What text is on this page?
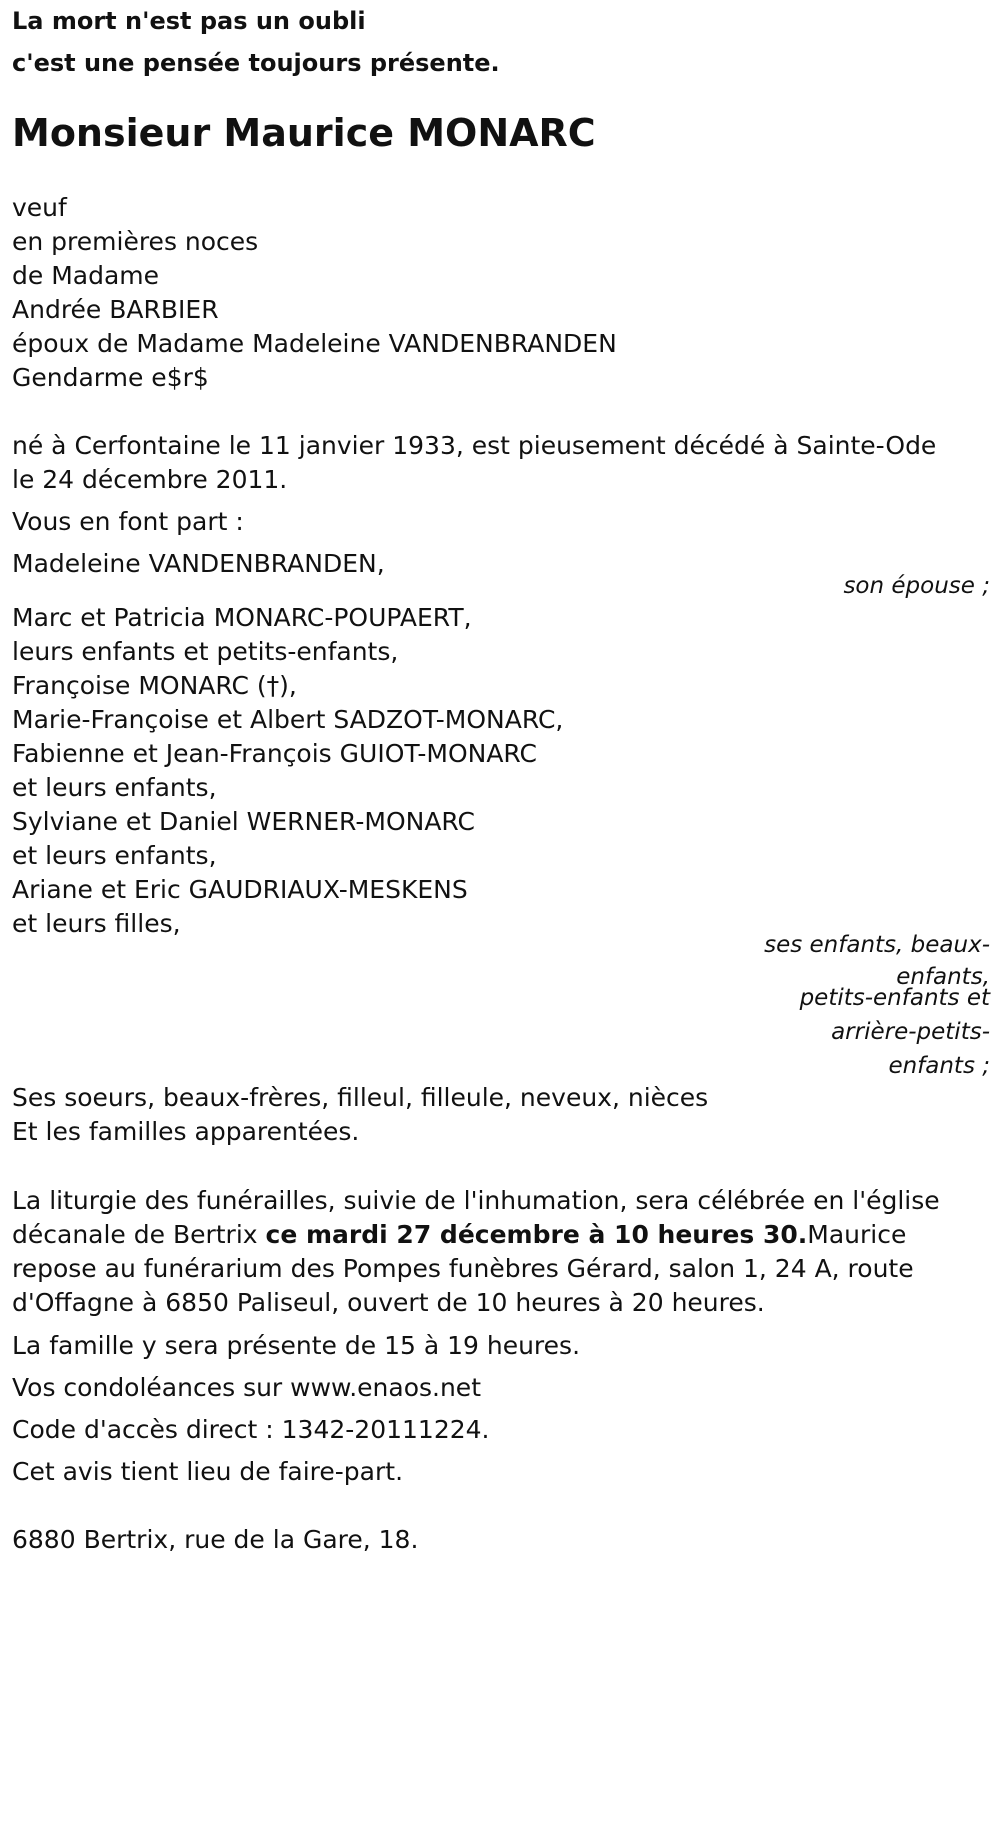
La mort n'est pas un oubli
c'est une pensée toujours présente.
Monsieur Maurice MONARC
veuf
en premières noces
de Madame
Andrée BARBIER
époux de Madame Madeleine VANDENBRANDEN
Gendarme e$r$
né à Cerfontaine le 11 janvier 1933, est pieusement décédé à Sainte-Ode
le 24 décembre 2011.
Vous en font part :
Madeleine VANDENBRANDEN,
son épouse ;
Marc et Patricia MONARC-POUPAERT,
leurs enfants et petits-enfants,
Françoise MONARC (†),
Marie-Françoise et Albert SADZOT-MONARC,
Fabienne et Jean-François GUIOT-MONARC
et leurs enfants,
Sylviane et Daniel WERNER-MONARC
et leurs enfants,
Ariane et Eric GAUDRIAUX-MESKENS
et leurs filles,
ses enfants, beaux-
enfants,
petits-enfants et
arrière-petits-
enfants ;
Ses soeurs, beaux-frères, filleul, filleule, neveux, nièces
Et les familles apparentées.
La liturgie des funérailles, suivie de l'inhumation, sera célébrée en l'église
décanale de Bertrix ce mardi 27 décembre à 10 heures 30.Maurice
repose au funérarium des Pompes funèbres Gérard, salon 1, 24 A, route
d'Offagne à 6850 Paliseul, ouvert de 10 heures à 20 heures.
La famille y sera présente de 15 à 19 heures.
Vos condoléances sur www.enaos.net
Code d'accès direct : 1342-20111224.
Cet avis tient lieu de faire-part.
6880 Bertrix, rue de la Gare, 18.
